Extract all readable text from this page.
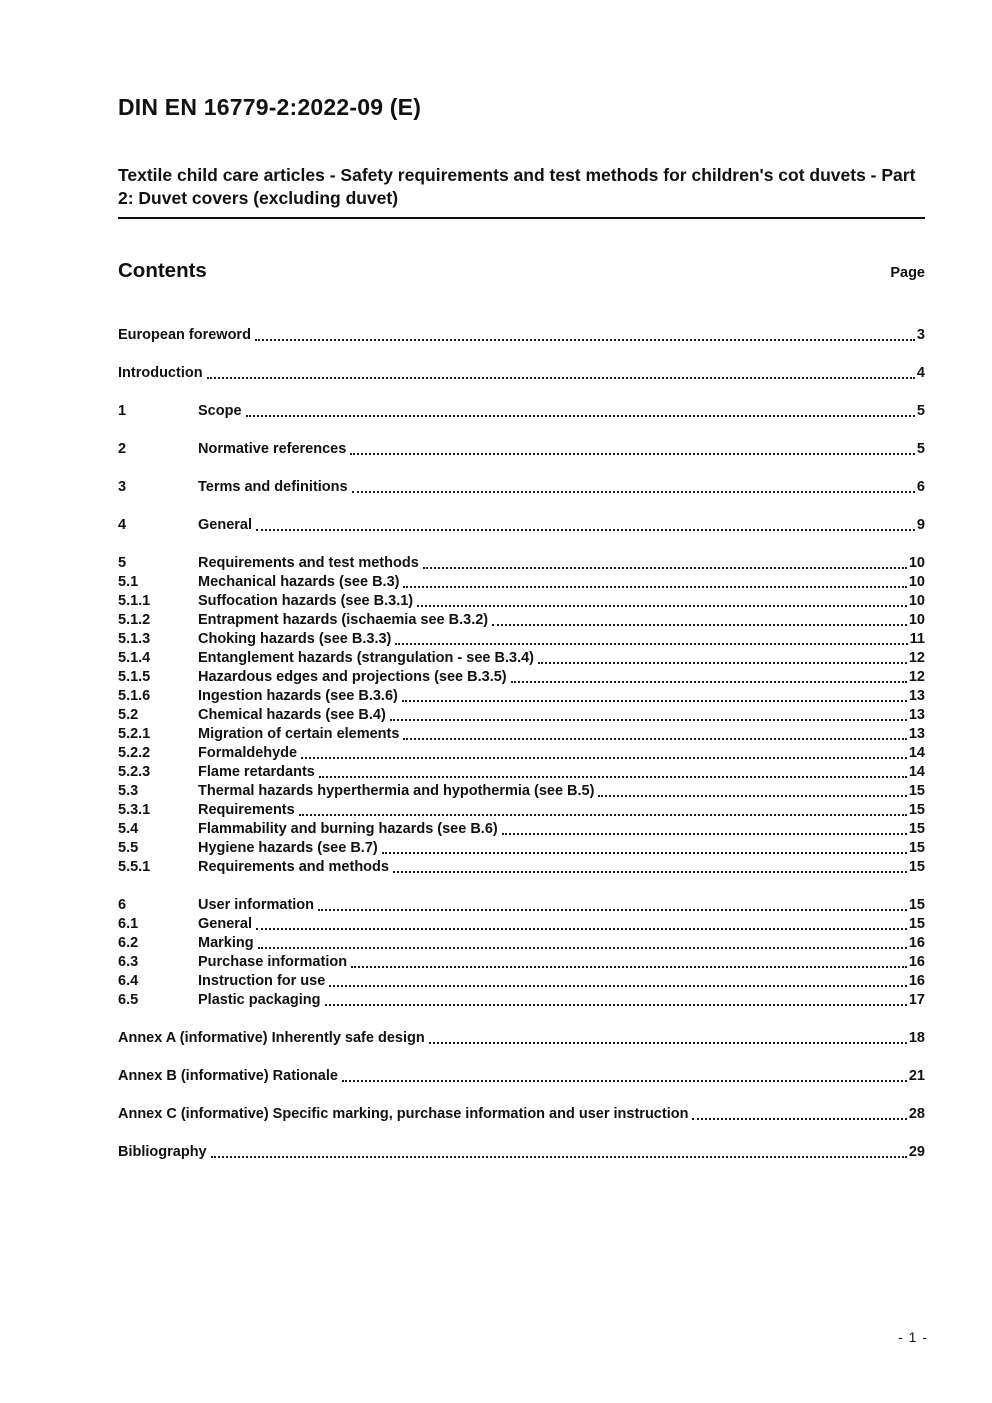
DIN EN 16779-2:2022-09 (E)
Textile child care articles - Safety requirements and test methods for children's cot duvets - Part 2: Duvet covers (excluding duvet)
Contents	Page
European foreword	3
Introduction	4
1	Scope	5
2	Normative references	5
3	Terms and definitions	6
4	General	9
5	Requirements and test methods	10
5.1	Mechanical hazards (see B.3)	10
5.1.1	Suffocation hazards (see B.3.1)	10
5.1.2	Entrapment hazards (ischaemia see B.3.2)	10
5.1.3	Choking hazards (see B.3.3)	11
5.1.4	Entanglement hazards (strangulation - see B.3.4)	12
5.1.5	Hazardous edges and projections (see B.3.5)	12
5.1.6	Ingestion hazards (see B.3.6)	13
5.2	Chemical hazards (see B.4)	13
5.2.1	Migration of certain elements	13
5.2.2	Formaldehyde	14
5.2.3	Flame retardants	14
5.3	Thermal hazards hyperthermia and hypothermia (see B.5)	15
5.3.1	Requirements	15
5.4	Flammability and burning hazards (see B.6)	15
5.5	Hygiene hazards (see B.7)	15
5.5.1	Requirements and methods	15
6	User information	15
6.1	General	15
6.2	Marking	16
6.3	Purchase information	16
6.4	Instruction for use	16
6.5	Plastic packaging	17
Annex A (informative) Inherently safe design	18
Annex B (informative) Rationale	21
Annex C (informative) Specific marking, purchase information and user instruction	28
Bibliography	29
- 1 -
